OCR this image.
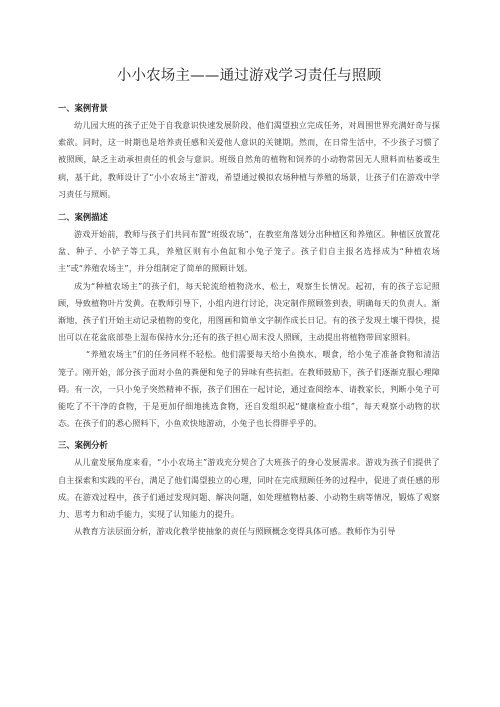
小小农场主——通过游戏学习责任与照顾
一、案例背景

幼儿园大班的孩子正处于自我意识快速发展阶段，他们渴望独立完成任务，对周围世界充满好奇与探索欲。同时，这一时期也是培养责任感和关爱他人意识的关键期。然而，在日常生活中，不少孩子习惯了被照顾，缺乏主动承担责任的机会与意识。班级自然角的植物和饲养的小动物常因无人照料而枯萎或生病，基于此，教师设计了“小小农场主”游戏，希望通过模拟农场种植与养殖的场景，让孩子们在游戏中学习责任与照顾。

二、案例描述

游戏开始前，教师与孩子们共同布置“班级农场”，在教室角落划分出种植区和养殖区。种植区放置花盆、种子、小铲子等工具，养殖区则有小鱼缸和小兔子笼子。孩子们自主报名选择成为“种植农场主”或“养殖农场主”，并分组制定了简单的照顾计划。

成为“种植农场主”的孩子们，每天轮流给植物浇水、松土，观察生长情况。起初，有的孩子忘记照顾，导致植物叶片发黄。在教师引导下，小组内进行讨论，决定制作照顾签到表，明确每天的负责人。渐渐地，孩子们开始主动记录植物的变化，用图画和简单文字制作成长日记。有的孩子发现土壤干得快，提出可以在花盆底部垫上湿布保持水分;还有的孩子担心周末没人照顾，主动提出将植物带回家照料。

“养殖农场主”们的任务同样不轻松。他们需要每天给小鱼换水、喂食，给小兔子准备食物和清洁笼子。刚开始，部分孩子面对小鱼的粪便和兔子的异味有些抗拒。在教师鼓励下，孩子们逐渐克服心理障碍。有一次，一只小兔子突然精神不振，孩子们围在一起讨论，通过查阅绘本、请教家长，判断小兔子可能吃了不干净的食物，于是更加仔细地挑选食物，还自发组织起“健康检查小组”，每天观察小动物的状态。在孩子们的悉心照料下，小鱼欢快地游动，小兔子也长得胖乎乎的。

三、案例分析

从儿童发展角度来看，“小小农场主”游戏充分契合了大班孩子的身心发展需求。游戏为孩子们提供了自主探索和实践的平台，满足了他们渴望独立的心理，同时在完成照顾任务的过程中，促进了责任感的形成。在游戏过程中，孩子们通过发现问题、解决问题，如处理植物枯萎、小动物生病等情况，锻炼了观察力、思考力和动手能力，实现了认知能力的提升。

从教育方法层面分析，游戏化教学使抽象的责任与照顾概念变得具体可感。教师作为引导
